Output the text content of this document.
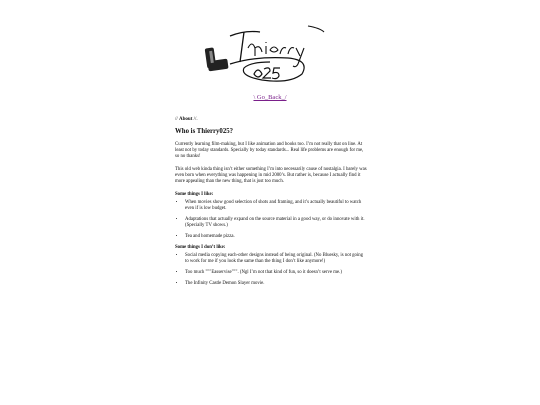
\ Go_Back_/
// About //.
Who is Thierry025?

Currently learning film-making, but I like animation and books too. I’m not really that on line. At least not by today standards. Specially by today standards... Real life problems are enough for me, so no thanks!

This old web kinda thing isn’t either something I’m into necessarily cause of nostalgia. I barely was even born when everything was happening in mid 2000’s. But rather is, because I actually find it more appealing than the new thing, that is just too much.

Some things I like:
• When movies show good selection of shots and framing, and it’s actually beautiful to watch even if is low budget.
• Adaptations that actually expand on the source material in a good way, or do innovate with it. (Specially TV shows.)
• Tea and homemade pizza.
Some things I don’t like:
• Social media copying each-other designs instead of being original. (No Bluesky, is not going to work for me if you look the same than the thing I don’t like anymore!)
• Too much """Easservise""". (Ngl I’m not that kind of fun, so it doesn’t serve me.)
• The Infinity Castle Demon Slayer movie.
